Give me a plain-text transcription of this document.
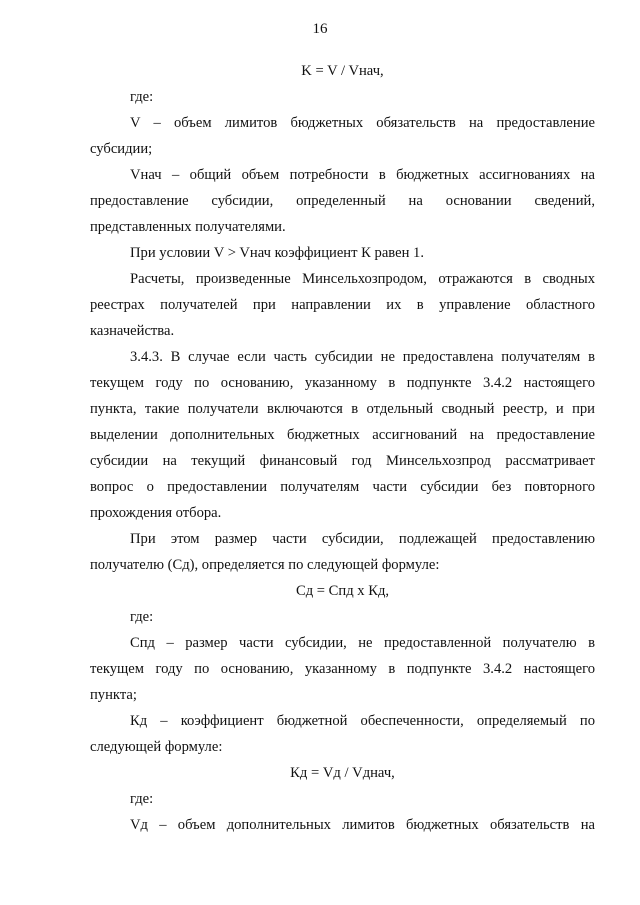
16
K = V / Vнач,
где:
V – объем лимитов бюджетных обязательств на предоставление
субсидии;
Vнач – общий объем потребности в бюджетных ассигнованиях на
предоставление субсидии, определенный на основании сведений,
представленных получателями.
При условии V > Vнач коэффициент К равен 1.
Расчеты, произведенные Минсельхозпродом, отражаются в сводных
реестрах получателей при направлении их в управление областного
казначейства.
3.4.3. В случае если часть субсидии не предоставлена получателям в
текущем году по основанию, указанному в подпункте 3.4.2 настоящего
пункта, такие получатели включаются в отдельный сводный реестр, и при
выделении дополнительных бюджетных ассигнований на предоставление
субсидии на текущий финансовый год Минсельхозпрод рассматривает
вопрос о предоставлении получателям части субсидии без повторного
прохождения отбора.
При этом размер части субсидии, подлежащей предоставлению
получателю (Сд), определяется по следующей формуле:
Сд = Спд x Кд,
где:
Спд – размер части субсидии, не предоставленной получателю в
текущем году по основанию, указанному в подпункте 3.4.2 настоящего
пункта;
Кд – коэффициент бюджетной обеспеченности, определяемый по
следующей формуле:
Кд = Vд / Vднач,
где:
Vд – объем дополнительных лимитов бюджетных обязательств на
